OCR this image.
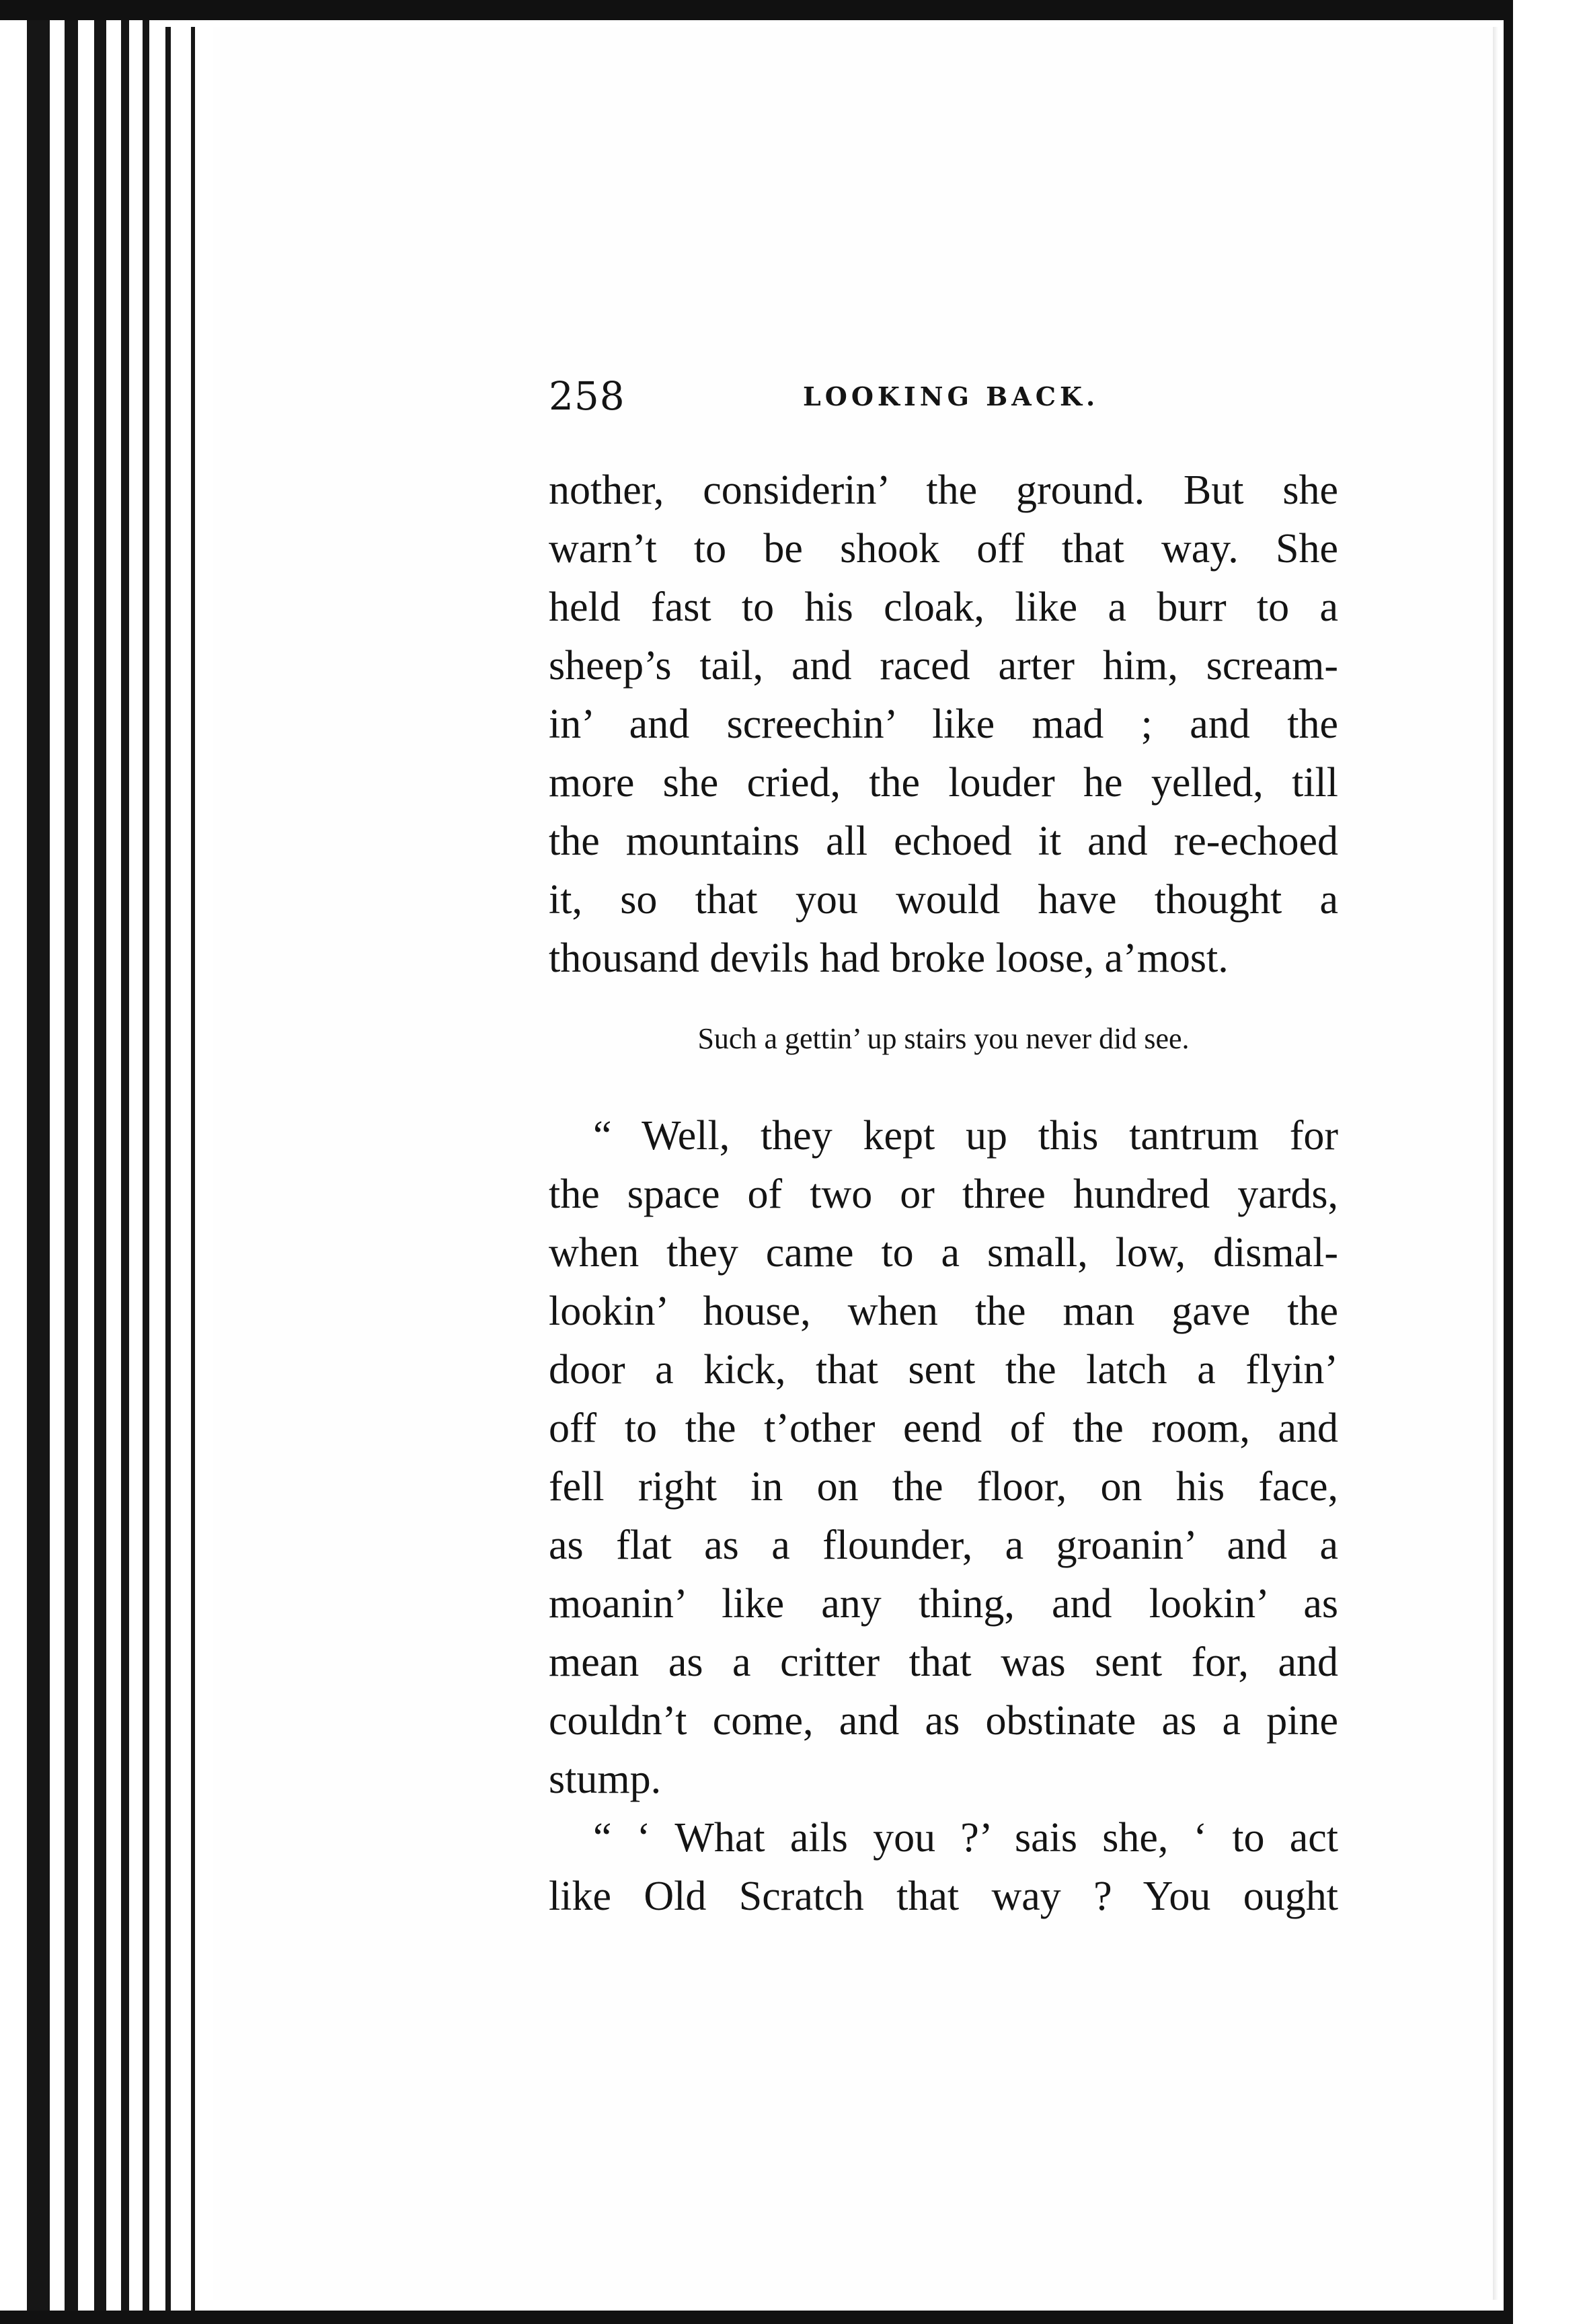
258	LOOKING BACK.
nother, considerin’ the ground. But she
warn’t to be shook off that way. She
held fast to his cloak, like a burr to a
sheep’s tail, and raced arter him, scream-
in’ and screechin’ like mad ; and the
more she cried, the louder he yelled, till
the mountains all echoed it and re-echoed
it, so that you would have thought a
thousand devils had broke loose, a’most.
Such a gettin’ up stairs you never did see.
“ Well, they kept up this tantrum for
the space of two or three hundred yards,
when they came to a small, low, dismal-
lookin’ house, when the man gave the
door a kick, that sent the latch a flyin’
off to the t’other eend of the room, and
fell right in on the floor, on his face,
as flat as a flounder, a groanin’ and a
moanin’ like any thing, and lookin’ as
mean as a critter that was sent for, and
couldn’t come, and as obstinate as a pine
stump.
“ ‘ What ails you ?’ sais she, ‘ to act
like Old Scratch that way ? You ought
